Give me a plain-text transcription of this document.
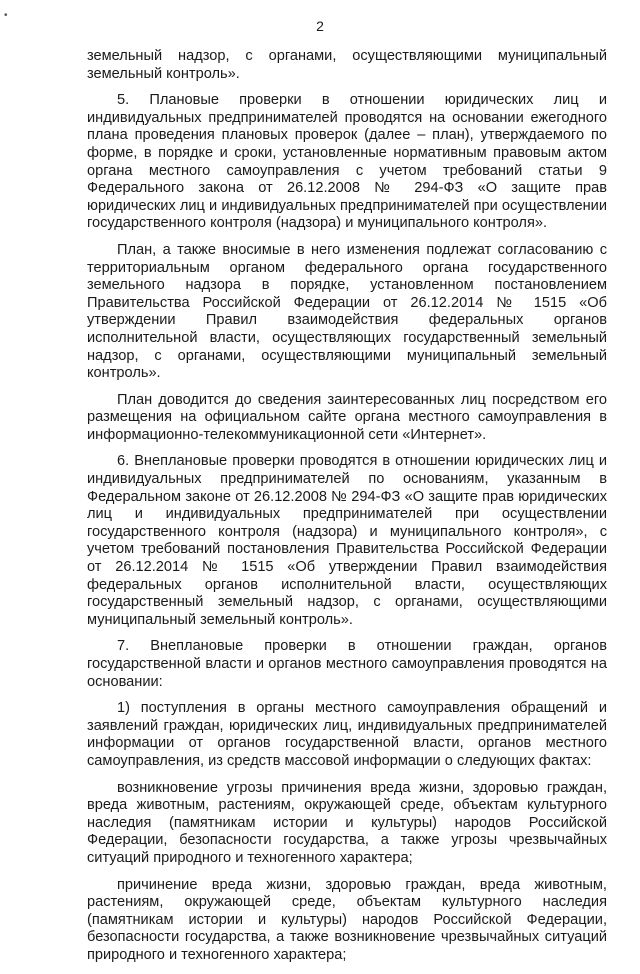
•
2

земельный надзор, с органами, осуществляющими муниципальный земельный контроль».

5. Плановые проверки в отношении юридических лиц и индивидуальных предпринимателей проводятся на основании ежегодного плана проведения плановых проверок (далее – план), утверждаемого по форме, в порядке и сроки, установленные нормативным правовым актом органа местного самоуправления с учетом требований статьи 9 Федерального закона от 26.12.2008 № 294-ФЗ «О защите прав юридических лиц и индивидуальных предпринимателей при осуществлении государственного контроля (надзора) и муниципального контроля».

План, а также вносимые в него изменения подлежат согласованию с территориальным органом федерального органа государственного земельного надзора в порядке, установленном постановлением Правительства Российской Федерации от 26.12.2014 № 1515 «Об утверждении Правил взаимодействия федеральных органов исполнительной власти, осуществляющих государственный земельный надзор, с органами, осуществляющими муниципальный земельный контроль».

План доводится до сведения заинтересованных лиц посредством его размещения на официальном сайте органа местного самоуправления в информационно-телекоммуникационной сети «Интернет».

6. Внеплановые проверки проводятся в отношении юридических лиц и индивидуальных предпринимателей по основаниям, указанным в Федеральном законе от 26.12.2008 № 294-ФЗ «О защите прав юридических лиц и индивидуальных предпринимателей при осуществлении государственного контроля (надзора) и муниципального контроля», с учетом требований постановления Правительства Российской Федерации от 26.12.2014 № 1515 «Об утверждении Правил взаимодействия федеральных органов исполнительной власти, осуществляющих государственный земельный надзор, с органами, осуществляющими муниципальный земельный контроль».

7. Внеплановые проверки в отношении граждан, органов государственной власти и органов местного самоуправления проводятся на основании:

1) поступления в органы местного самоуправления обращений и заявлений граждан, юридических лиц, индивидуальных предпринимателей информации от органов государственной власти, органов местного самоуправления, из средств массовой информации о следующих фактах:

возникновение угрозы причинения вреда жизни, здоровью граждан, вреда животным, растениям, окружающей среде, объектам культурного наследия (памятникам истории и культуры) народов Российской Федерации, безопасности государства, а также угрозы чрезвычайных ситуаций природного и техногенного характера;

причинение вреда жизни, здоровью граждан, вреда животным, растениям, окружающей среде, объектам культурного наследия (памятникам истории и культуры) народов Российской Федерации, безопасности государства, а также возникновение чрезвычайных ситуаций природного и техногенного характера;
